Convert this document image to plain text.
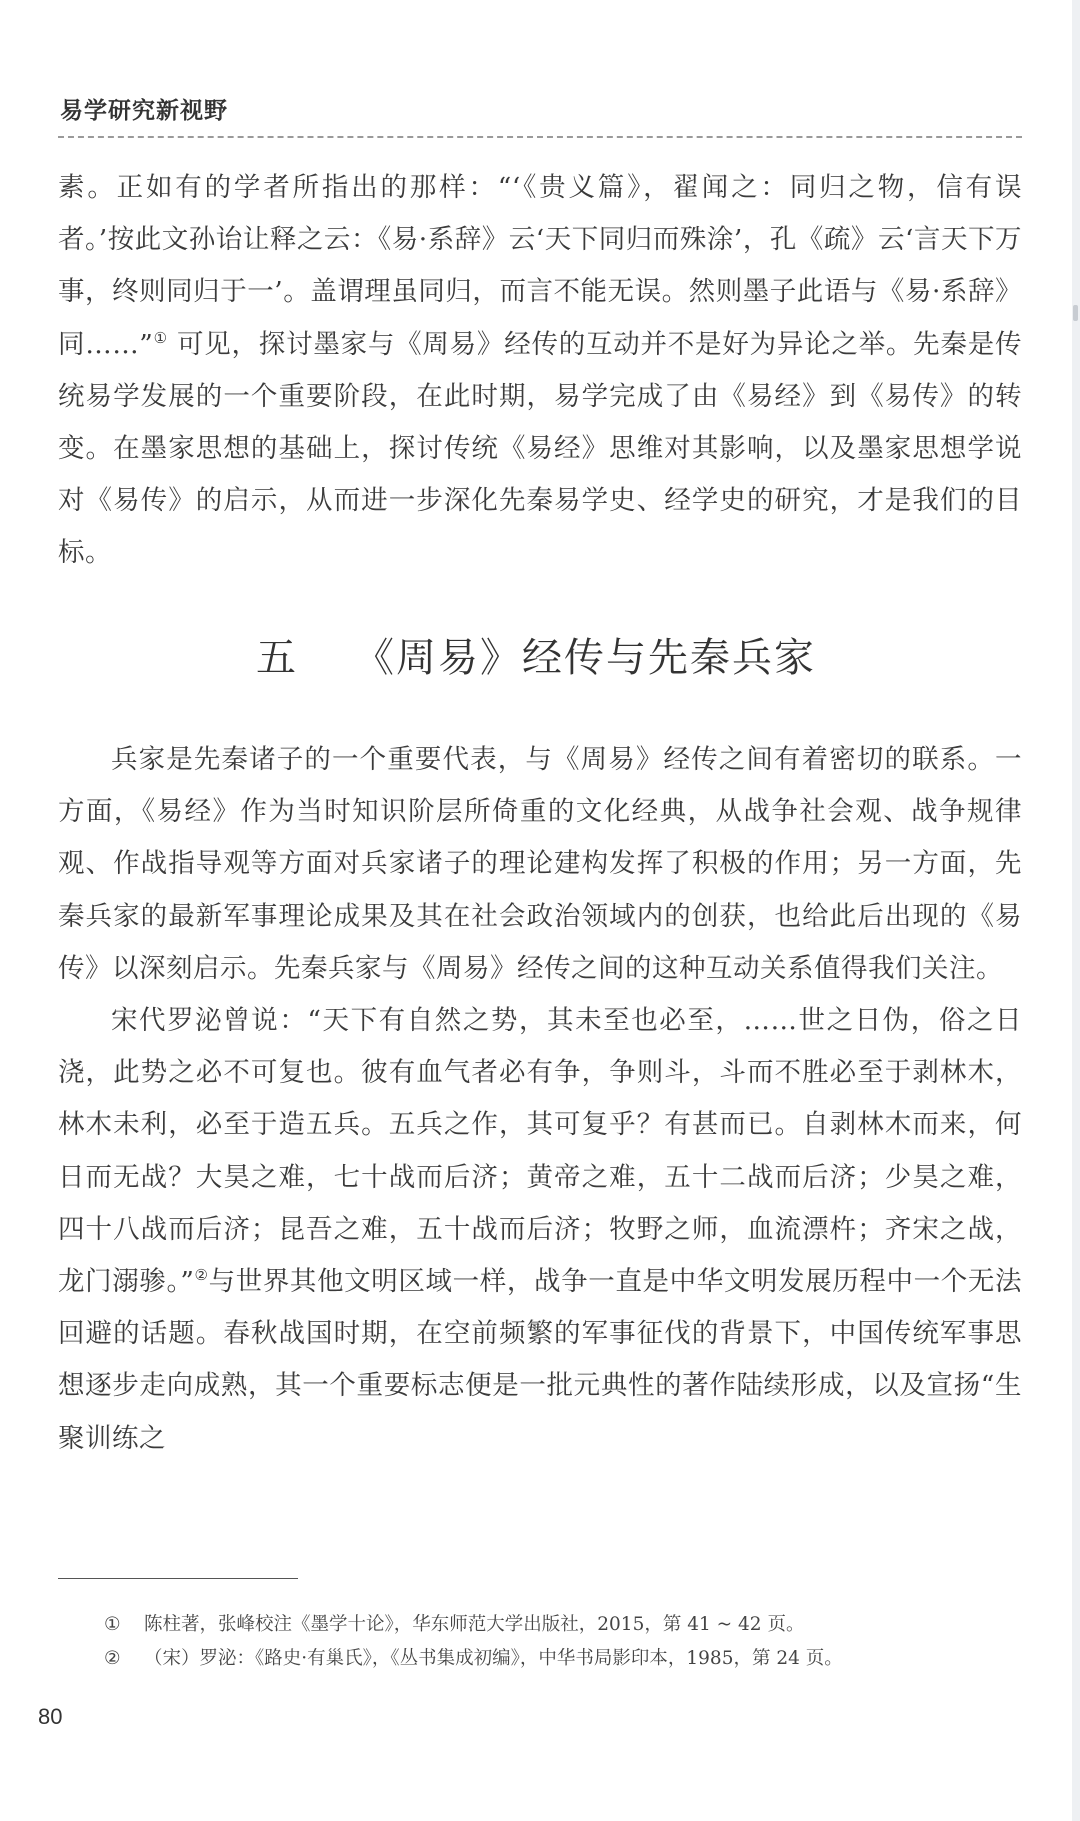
易学研究新视野

素。正如有的学者所指出的那样：“‘《贵义篇》，翟闻之：同归之物，信有误者。’按此文孙诒让释之云：《易·系辞》云‘天下同归而殊涂’，孔《疏》云‘言天下万事，终则同归于一’。盖谓理虽同归，而言不能无误。然则墨子此语与《易·系辞》同……”① 可见，探讨墨家与《周易》经传的互动并不是好为异论之举。先秦是传统易学发展的一个重要阶段，在此时期，易学完成了由《易经》到《易传》的转变。在墨家思想的基础上，探讨传统《易经》思维对其影响，以及墨家思想学说对《易传》的启示，从而进一步深化先秦易学史、经学史的研究，才是我们的目标。

五 《周易》经传与先秦兵家

兵家是先秦诸子的一个重要代表，与《周易》经传之间有着密切的联系。一方面，《易经》作为当时知识阶层所倚重的文化经典，从战争社会观、战争规律观、作战指导观等方面对兵家诸子的理论建构发挥了积极的作用；另一方面，先秦兵家的最新军事理论成果及其在社会政治领域内的创获，也给此后出现的《易传》以深刻启示。先秦兵家与《周易》经传之间的这种互动关系值得我们关注。

宋代罗泌曾说：“天下有自然之势，其未至也必至，……世之日伪，俗之日浇，此势之必不可复也。彼有血气者必有争，争则斗，斗而不胜必至于剥林木，林木未利，必至于造五兵。五兵之作，其可复乎？有甚而已。自剥林木而来，何日而无战？大昊之难，七十战而后济；黄帝之难，五十二战而后济；少昊之难，四十八战而后济；昆吾之难，五十战而后济；牧野之师，血流漂杵；齐宋之战，龙门溺骖。”②与世界其他文明区域一样，战争一直是中华文明发展历程中一个无法回避的话题。春秋战国时期，在空前频繁的军事征伐的背景下，中国传统军事思想逐步走向成熟，其一个重要标志便是一批元典性的著作陆续形成，以及宣扬“生聚训练之

① 陈柱著，张峰校注《墨学十论》，华东师范大学出版社，2015，第 41 ~ 42 页。

② （宋）罗泌：《路史·有巢氏》，《丛书集成初编》，中华书局影印本，1985，第 24 页。

80
